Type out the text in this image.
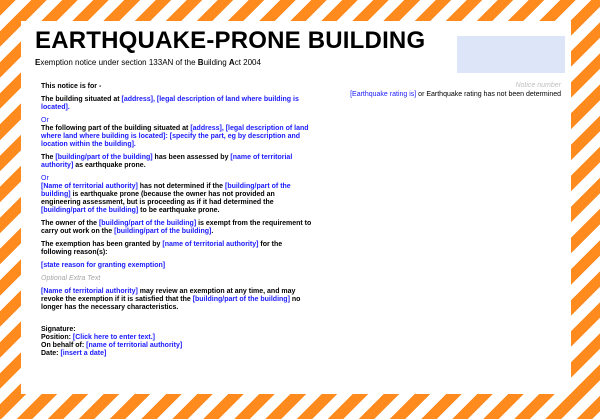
EARTHQUAKE-PRONE BUILDING
Exemption notice under section 133AN of the Building Act 2004
Notice number
[Earthquake rating is] or Earthquake rating has not been determined

This notice is for -

The building situated at [address], [legal description of land where building is located].

Or

The following part of the building situated at [address], [legal description of land where land where building is located]: [specify the part, eg by description and location within the building].

The [building/part of the building] has been assessed by [name of territorial authority] as earthquake prone.

Or

[Name of territorial authority] has not determined if the [building/part of the building] is earthquake prone (because the owner has not provided an engineering assessment, but is proceeding as if it had determined the [building/part of the building] to be earthquake prone.

The owner of the [building/part of the building] is exempt from the requirement to carry out work on the [building/part of the building].

The exemption has been granted by [name of territorial authority] for the following reason(s):

[state reason for granting exemption]

Optional Extra Text

[Name of territorial authority] may review an exemption at any time, and may revoke the exemption if it is satisfied that the [building/part of the building] no longer has the necessary characteristics.

Signature:
Position: [Click here to enter text.]
On behalf of: [name of territorial authority]
Date: [insert a date]
